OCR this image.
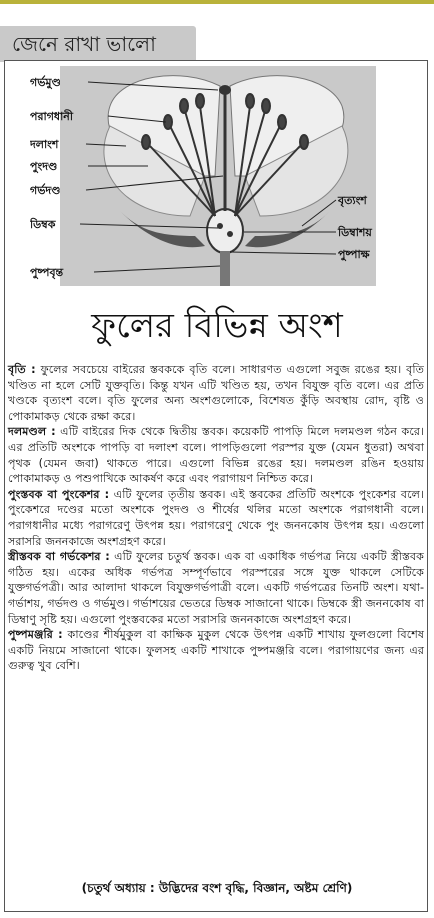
জেনে রাখা ভালো
গর্ভমুণ্ড
পরাগধানী
দলাংশ
পুংদণ্ড
গর্ভদণ্ড
ডিম্বক
পুষ্পবৃন্ত
বৃত্যংশ
ডিম্বাশয়
পুষ্পাক্ষ
ফুলের বিভিন্ন অংশ

বৃতি : ফুলের সবচেয়ে বাইরের স্তবককে বৃতি বলে। সাধারণত এগুলো সবুজ রঙের হয়। বৃতি খণ্ডিত না হলে সেটি যুক্তবৃতি। কিন্তু যখন এটি খণ্ডিত হয়, তখন বিযুক্ত বৃতি বলে। এর প্রতি খণ্ডকে বৃত্যংশ বলে। বৃতি ফুলের অন্য অংশগুলোকে, বিশেষত কুঁড়ি অবস্থায় রোদ, বৃষ্টি ও পোকামাকড় থেকে রক্ষা করে।

দলমণ্ডল : এটি বাইরের দিক থেকে দ্বিতীয় স্তবক। কয়েকটি পাপড়ি মিলে দলমণ্ডল গঠন করে। এর প্রতিটি অংশকে পাপড়ি বা দলাংশ বলে। পাপড়িগুলো পরস্পর যুক্ত (যেমন ধুতরা) অথবা পৃথক (যেমন জবা) থাকতে পারে। এগুলো বিভিন্ন রঙের হয়। দলমণ্ডল রঙিন হওয়ায় পোকামাকড় ও পশুপাখিকে আকর্ষণ করে এবং পরাগায়ণ নিশ্চিত করে।

পুংস্তবক বা পুংকেশর : এটি ফুলের তৃতীয় স্তবক। এই স্তবকের প্রতিটি অংশকে পুংকেশর বলে। পুংকেশরে দণ্ডের মতো অংশকে পুংদণ্ড ও শীর্ষের থলির মতো অংশকে পরাগধানী বলে। পরাগধানীর মধ্যে পরাগরেণু উৎপন্ন হয়। পরাগরেণু থেকে পুং জননকোষ উৎপন্ন হয়। এগুলো সরাসরি জননকাজে অংশগ্রহণ করে।

স্ত্রীস্তবক বা গর্ভকেশর : এটি ফুলের চতুর্থ স্তবক। এক বা একাধিক গর্ভপত্র নিয়ে একটি স্ত্রীস্তবক গঠিত হয়। একের অধিক গর্ভপত্র সম্পূর্ণভাবে পরস্পরের সঙ্গে যুক্ত থাকলে সেটিকে যুক্তগর্ভপত্রী। আর আলাদা থাকলে বিযুক্তগর্ভপাত্রী বলে। একটি গর্ভপত্রের তিনটি অংশ। যথা- গর্ভাশয়, গর্ভদণ্ড ও গর্ভমুণ্ড। গর্ভাশয়ের ভেতরে ডিম্বক সাজানো থাকে। ডিম্বকে স্ত্রী জননকোষ বা ডিম্বাণু সৃষ্টি হয়। এগুলো পুংস্তবকের মতো সরাসরি জননকাজে অংশগ্রহণ করে।

পুষ্পমঞ্জরি : কাণ্ডের শীর্ষমুকুল বা কাক্ষিক মুকুল থেকে উৎপন্ন একটি শাখায় ফুলগুলো বিশেষ একটি নিয়মে সাজানো থাকে। ফুলসহ একটি শাখাকে পুষ্পমঞ্জরি বলে। পরাগায়ণের জন্য এর গুরুত্ব খুব বেশি।

(চতুর্থ অধ্যায় : উদ্ভিদের বংশ বৃদ্ধি, বিজ্ঞান, অষ্টম শ্রেণি)
